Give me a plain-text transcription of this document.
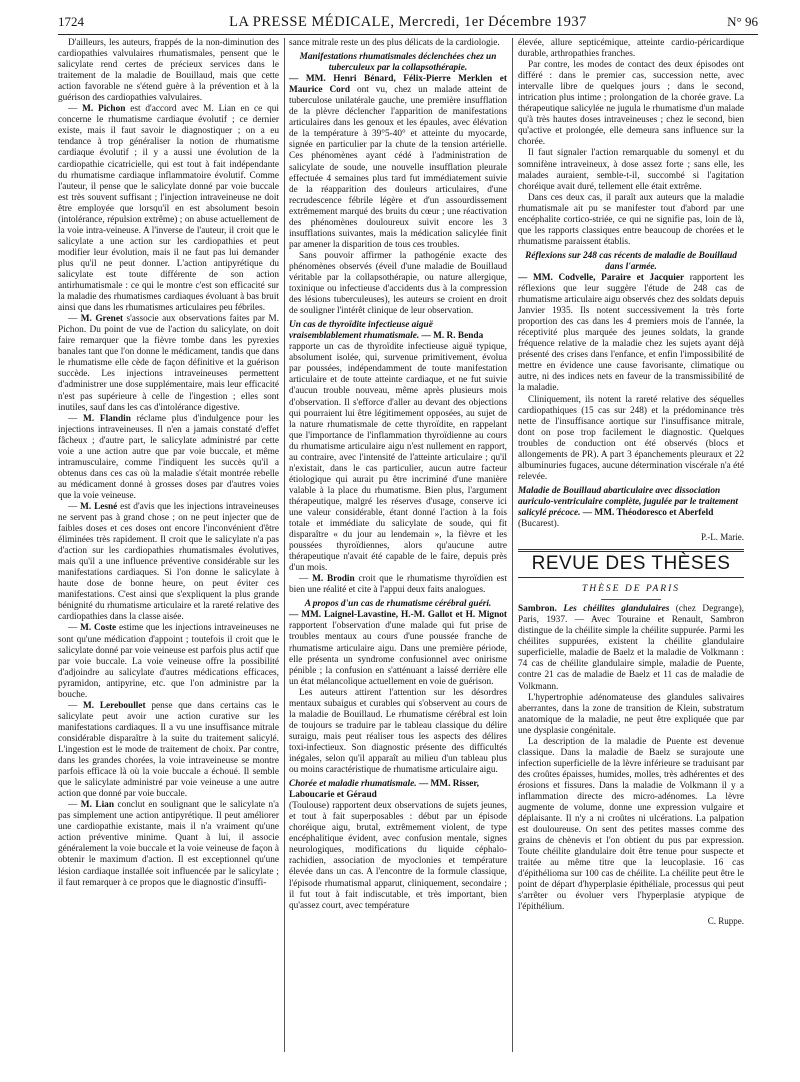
1724	LA PRESSE MÉDICALE, Mercredi, 1er Décembre 1937	N° 96

D'ailleurs, les auteurs, frappés de la non-diminution des cardiopathies valvulaires rhumatismales, pensent que le salicylate rend certes de précieux services dans le traitement de la maladie de Bouillaud, mais que cette action favorable ne s'étend guère à la prévention et à la guérison des cardiopathies valvulaires.

— M. Pichon est d'accord avec M. Lian en ce qui concerne le rhumatisme cardiaque évolutif ; ce dernier existe, mais il faut savoir le diagnostiquer ; on a eu tendance à trop généraliser la notion de rhumatisme cardiaque évolutif ; il y a aussi une évolution de la cardiopathie cicatricielle, qui est tout à fait indépendante du rhumatisme cardiaque inflammatoire évolutif. Comme l'auteur, il pense que le salicylate donné par voie buccale est très souvent suffisant ; l'injection intraveineuse ne doit être employée que lorsqu'il en est absolument besoin (intolérance, répulsion extrême) ; on abuse actuellement de la voie intra-veineuse. A l'inverse de l'auteur, il croit que le salicylate a une action sur les cardiopathies et peut modifier leur évolution, mais il ne faut pas lui demander plus qu'il ne peut donner. L'action antipyrétique du salicylate est toute différente de son action antirhumatismale : ce qui le montre c'est son efficacité sur la maladie des rhumatismes cardiaques évoluant à bas bruit ainsi que dans les rhumatismes articulaires peu fébriles.

— M. Grenet s'associe aux observations faites par M. Pichon. Du point de vue de l'action du salicylate, on doit faire remarquer que la fièvre tombe dans les pyrexies banales tant que l'on donne le médicament, tandis que dans le rhumatisme elle cède de façon définitive et la guérison succède. Les injections intraveineuses permettent d'administrer une dose supplémentaire, mais leur efficacité n'est pas supérieure à celle de l'ingestion ; elles sont inutiles, sauf dans les cas d'intolérance digestive.

— M. Flandin réclame plus d'indulgence pour les injections intraveineuses. Il n'en a jamais constaté d'effet fâcheux ; d'autre part, le salicylate administré par cette voie a une action autre que par voie buccale, et même intramusculaire, comme l'indiquent les succès qu'il a obtenus dans ces cas où la maladie s'était montrée rebelle au médicament donné à grosses doses par d'autres voies que la voie veineuse.

— M. Lesné est d'avis que les injections intraveineuses ne servent pas à grand chose ; on ne peut injecter que de faibles doses et ces doses ont encore l'inconvénient d'être éliminées très rapidement. Il croit que le salicylate n'a pas d'action sur les cardiopathies rhumatismales évolutives, mais qu'il a une influence préventive considérable sur les manifestations cardiaques. Si l'on donne le salicylate à haute dose de bonne heure, on peut éviter ces manifestations. C'est ainsi que s'expliquent la plus grande bénignité du rhumatisme articulaire et la rareté relative des cardiopathies dans la classe aisée.

— M. Coste estime que les injections intraveineuses ne sont qu'une médication d'appoint ; toutefois il croit que le salicylate donné par voie veineuse est parfois plus actif que par voie buccale. La voie veineuse offre la possibilité d'adjoindre au salicylate d'autres médications efficaces, pyramidon, antipyrine, etc. que l'on administre par la bouche.

— M. Lereboullet pense que dans certains cas le salicylate peut avoir une action curative sur les manifestations cardiaques. Il a vu une insuffisance mitrale considérable disparaître à la suite du traitement salicylé. L'ingestion est le mode de traitement de choix. Par contre, dans les grandes chorées, la voie intraveineuse se montre parfois efficace là où la voie buccale a échoué. Il semble que le salicylate administré par voie veineuse a une autre action que donné par voie buccale.

— M. Lian conclut en soulignant que le salicylate n'a pas simplement une action antipyrétique. Il peut améliorer une cardiopathie existante, mais il n'a vraiment qu'une action préventive minime. Quant à lui, il associe généralement la voie buccale et la voie veineuse de façon à obtenir le maximum d'action. Il est exceptionnel qu'une lésion cardiaque installée soit influencée par le salicylate ; il faut remarquer à ce propos que le diagnostic d'insuffi-

sance mitrale reste un des plus délicats de la cardiologie.

Manifestations rhumatismales déclenchées chez un tuberculeux par la collapsothérapie.

— MM. Henri Bénard, Félix-Pierre Merklen et Maurice Cord ont vu, chez un malade atteint de tuberculose unilatérale gauche, une première insufflation de la plèvre déclencher l'apparition de manifestations articulaires dans les genoux et les épaules, avec élévation de la température à 39°5-40° et atteinte du myocarde, signée en particulier par la chute de la tension artérielle. Ces phénomènes ayant cédé à l'administration de salicylate de soude, une nouvelle insufflation pleurale effectuée 4 semaines plus tard fut immédiatement suivie de la réapparition des douleurs articulaires, d'une recrudescence fébrile légère et d'un assourdissement extrêmement marqué des bruits du cœur ; une réactivation des phénomènes douloureux suivit encore les 3 insufflations suivantes, mais la médication salicylée finit par amener la disparition de tous ces troubles.

Sans pouvoir affirmer la pathogénie exacte des phénomènes observés (éveil d'une maladie de Bouillaud véritable par la collapsothérapie, ou nature allergique, toxinique ou infectieuse d'accidents dus à la compression des lésions tuberculeuses), les auteurs se croient en droit de souligner l'intérêt clinique de leur observation.

Un cas de thyroïdite infectieuse aiguë vraisemblablement rhumatismale. — M. R. Benda

rapporte un cas de thyroïdite infectieuse aiguë typique, absolument isolée, qui, survenue primitivement, évolua par poussées, indépendamment de toute manifestation articulaire et de toute atteinte cardiaque, et ne fut suivie d'aucun trouble nouveau, même après plusieurs mois d'observation. Il s'efforce d'aller au devant des objections qui pourraient lui être légitimement opposées, au sujet de la nature rhumatismale de cette thyroïdite, en rappelant que l'importance de l'inflammation thyroïdienne au cours du rhumatisme articulaire aigu n'est nullement en rapport, au contraire, avec l'intensité de l'atteinte articulaire ; qu'il n'existait, dans le cas particulier, aucun autre facteur étiologique qui aurait pu être incriminé d'une manière valable à la place du rhumatisme. Bien plus, l'argument thérapeutique, malgré les réserves d'usage, conserve ici une valeur considérable, étant donné l'action à la fois totale et immédiate du salicylate de soude, qui fit disparaître « du jour au lendemain », la fièvre et les poussées thyroïdiennes, alors qu'aucune autre thérapeutique n'avait été capable de le faire, depuis près d'un mois.

— M. Brodin croit que le rhumatisme thyroïdien est bien une réalité et cite à l'appui deux faits analogues.

A propos d'un cas de rhumatisme cérébral guéri.

— MM. Laignel-Lavastine, H.-M. Gallot et H. Mignot rapportent l'observation d'une malade qui fut prise de troubles mentaux au cours d'une poussée franche de rhumatisme articulaire aigu. Dans une première période, elle présenta un syndrome confusionnel avec onirisme pénible ; la confusion en s'atténuant a laissé derrière elle un état mélancolique actuellement en voie de guérison.

Les auteurs attirent l'attention sur les désordres mentaux subaigus et curables qui s'observent au cours de la maladie de Bouillaud. Le rhumatisme cérébral est loin de toujours se traduire par le tableau classique du délire suraigu, mais peut réaliser tous les aspects des délires toxi-infectieux. Son diagnostic présente des difficultés inégales, selon qu'il apparaît au milieu d'un tableau plus ou moins caractéristique de rhumatisme articulaire aigu.

Chorée et maladie rhumatismale. — MM. Risser, Laboucarie et Géraud

(Toulouse) rapportent deux observations de sujets jeunes, et tout à fait superposables : début par un épisode choréique aigu, brutal, extrêmement violent, de type encéphalitique évident, avec confusion mentale, signes neurologiques, modifications du liquide céphalo-rachidien, association de myoclonies et température élevée dans un cas. A l'encontre de la formule classique, l'épisode rhumatismal apparut, cliniquement, secondaire ; il fut tout à fait indiscutable, et très important, bien qu'assez court, avec température

élevée, allure septicémique, atteinte cardio-péricardique durable, arthropathies franches.

Par contre, les modes de contact des deux épisodes ont différé : dans le premier cas, succession nette, avec intervalle libre de quelques jours ; dans le second, intrication plus intime ; prolongation de la chorée grave. La thérapeutique salicylée ne jugula le rhumatisme d'un malade qu'à très hautes doses intraveineuses ; chez le second, bien qu'active et prolongée, elle demeura sans influence sur la chorée.

Il faut signaler l'action remarquable du somenyl et du somnifène intraveineux, à dose assez forte ; sans elle, les malades auraient, semble-t-il, succombé si l'agitation choréique avait duré, tellement elle était extrême.

Dans ces deux cas, il paraît aux auteurs que la maladie rhumatismale ait pu se manifester tout d'abord par une encéphalite cortico-striée, ce qui ne signifie pas, loin de là, que les rapports classiques entre beaucoup de chorées et le rhumatisme paraissent établis.

Réflexions sur 248 cas récents de maladie de Bouillaud dans l'armée.

— MM. Codvelle, Paraire et Jacquier rapportent les réflexions que leur suggère l'étude de 248 cas de rhumatisme articulaire aigu observés chez des soldats depuis Janvier 1935. Ils notent successivement la très forte proportion des cas dans les 4 premiers mois de l'année, la réceptivité plus marquée des jeunes soldats, la grande fréquence relative de la maladie chez les sujets ayant déjà présenté des crises dans l'enfance, et enfin l'impossibilité de mettre en évidence une cause favorisante, climatique ou autre, ni des indices nets en faveur de la transmissibilité de la maladie.

Cliniquement, ils notent la rareté relative des séquelles cardiopathiques (15 cas sur 248) et la prédominance très nette de l'insuffisance aortique sur l'insuffisance mitrale, dont on pose trop facilement le diagnostic. Quelques troubles de conduction ont été observés (blocs et allongements de PR). A part 3 épanchements pleuraux et 22 albuminuries fugaces, aucune détermination viscérale n'a été relevée.

Maladie de Bouillaud abarticulaire avec dissociation auriculo-ventriculaire complète, jugulée par le traitement salicylé précoce. — MM. Théodoresco et Aberfeld (Bucarest).

P.-L. Marie.

REVUE DES THÈSES
THÈSE DE PARIS

Sambron. Les chéilites glandulaires (chez Degrange), Paris, 1937. — Avec Touraine et Renault, Sambron distingue de la chéilite simple la chéilite suppurée. Parmi les chéilites suppurées, existent la chéilite glandulaire superficielle, maladie de Baelz et la maladie de Volkmann : 74 cas de chéilite glandulaire simple, maladie de Puente, contre 21 cas de maladie de Baelz et 11 cas de maladie de Volkmann.

L'hypertrophie adénomateuse des glandules salivaires aberrantes, dans la zone de transition de Klein, substratum anatomique de la maladie, ne peut être expliquée que par une dysplasie congénitale.

La description de la maladie de Puente est devenue classique. Dans la maladie de Baelz se surajoute une infection superficielle de la lèvre inférieure se traduisant par des croûtes épaisses, humides, molles, très adhérentes et des érosions et fissures. Dans la maladie de Volkmann il y a inflammation directe des micro-adénomes. La lèvre augmente de volume, donne une expression vulgaire et déplaisante. Il n'y a ni croûtes ni ulcérations. La palpation est douloureuse. On sent des petites masses comme des grains de chènevis et l'on obtient du pus par expression. Toute chéilite glandulaire doit être tenue pour suspecte et traitée au même titre que la leucoplasie. 16 cas d'épithélioma sur 100 cas de chéilite. La chéilite peut être le point de départ d'hyperplasie épithéliale, processus qui peut s'arrêter ou évoluer vers l'hyperplasie atypique de l'épithélium.

C. Ruppe.
